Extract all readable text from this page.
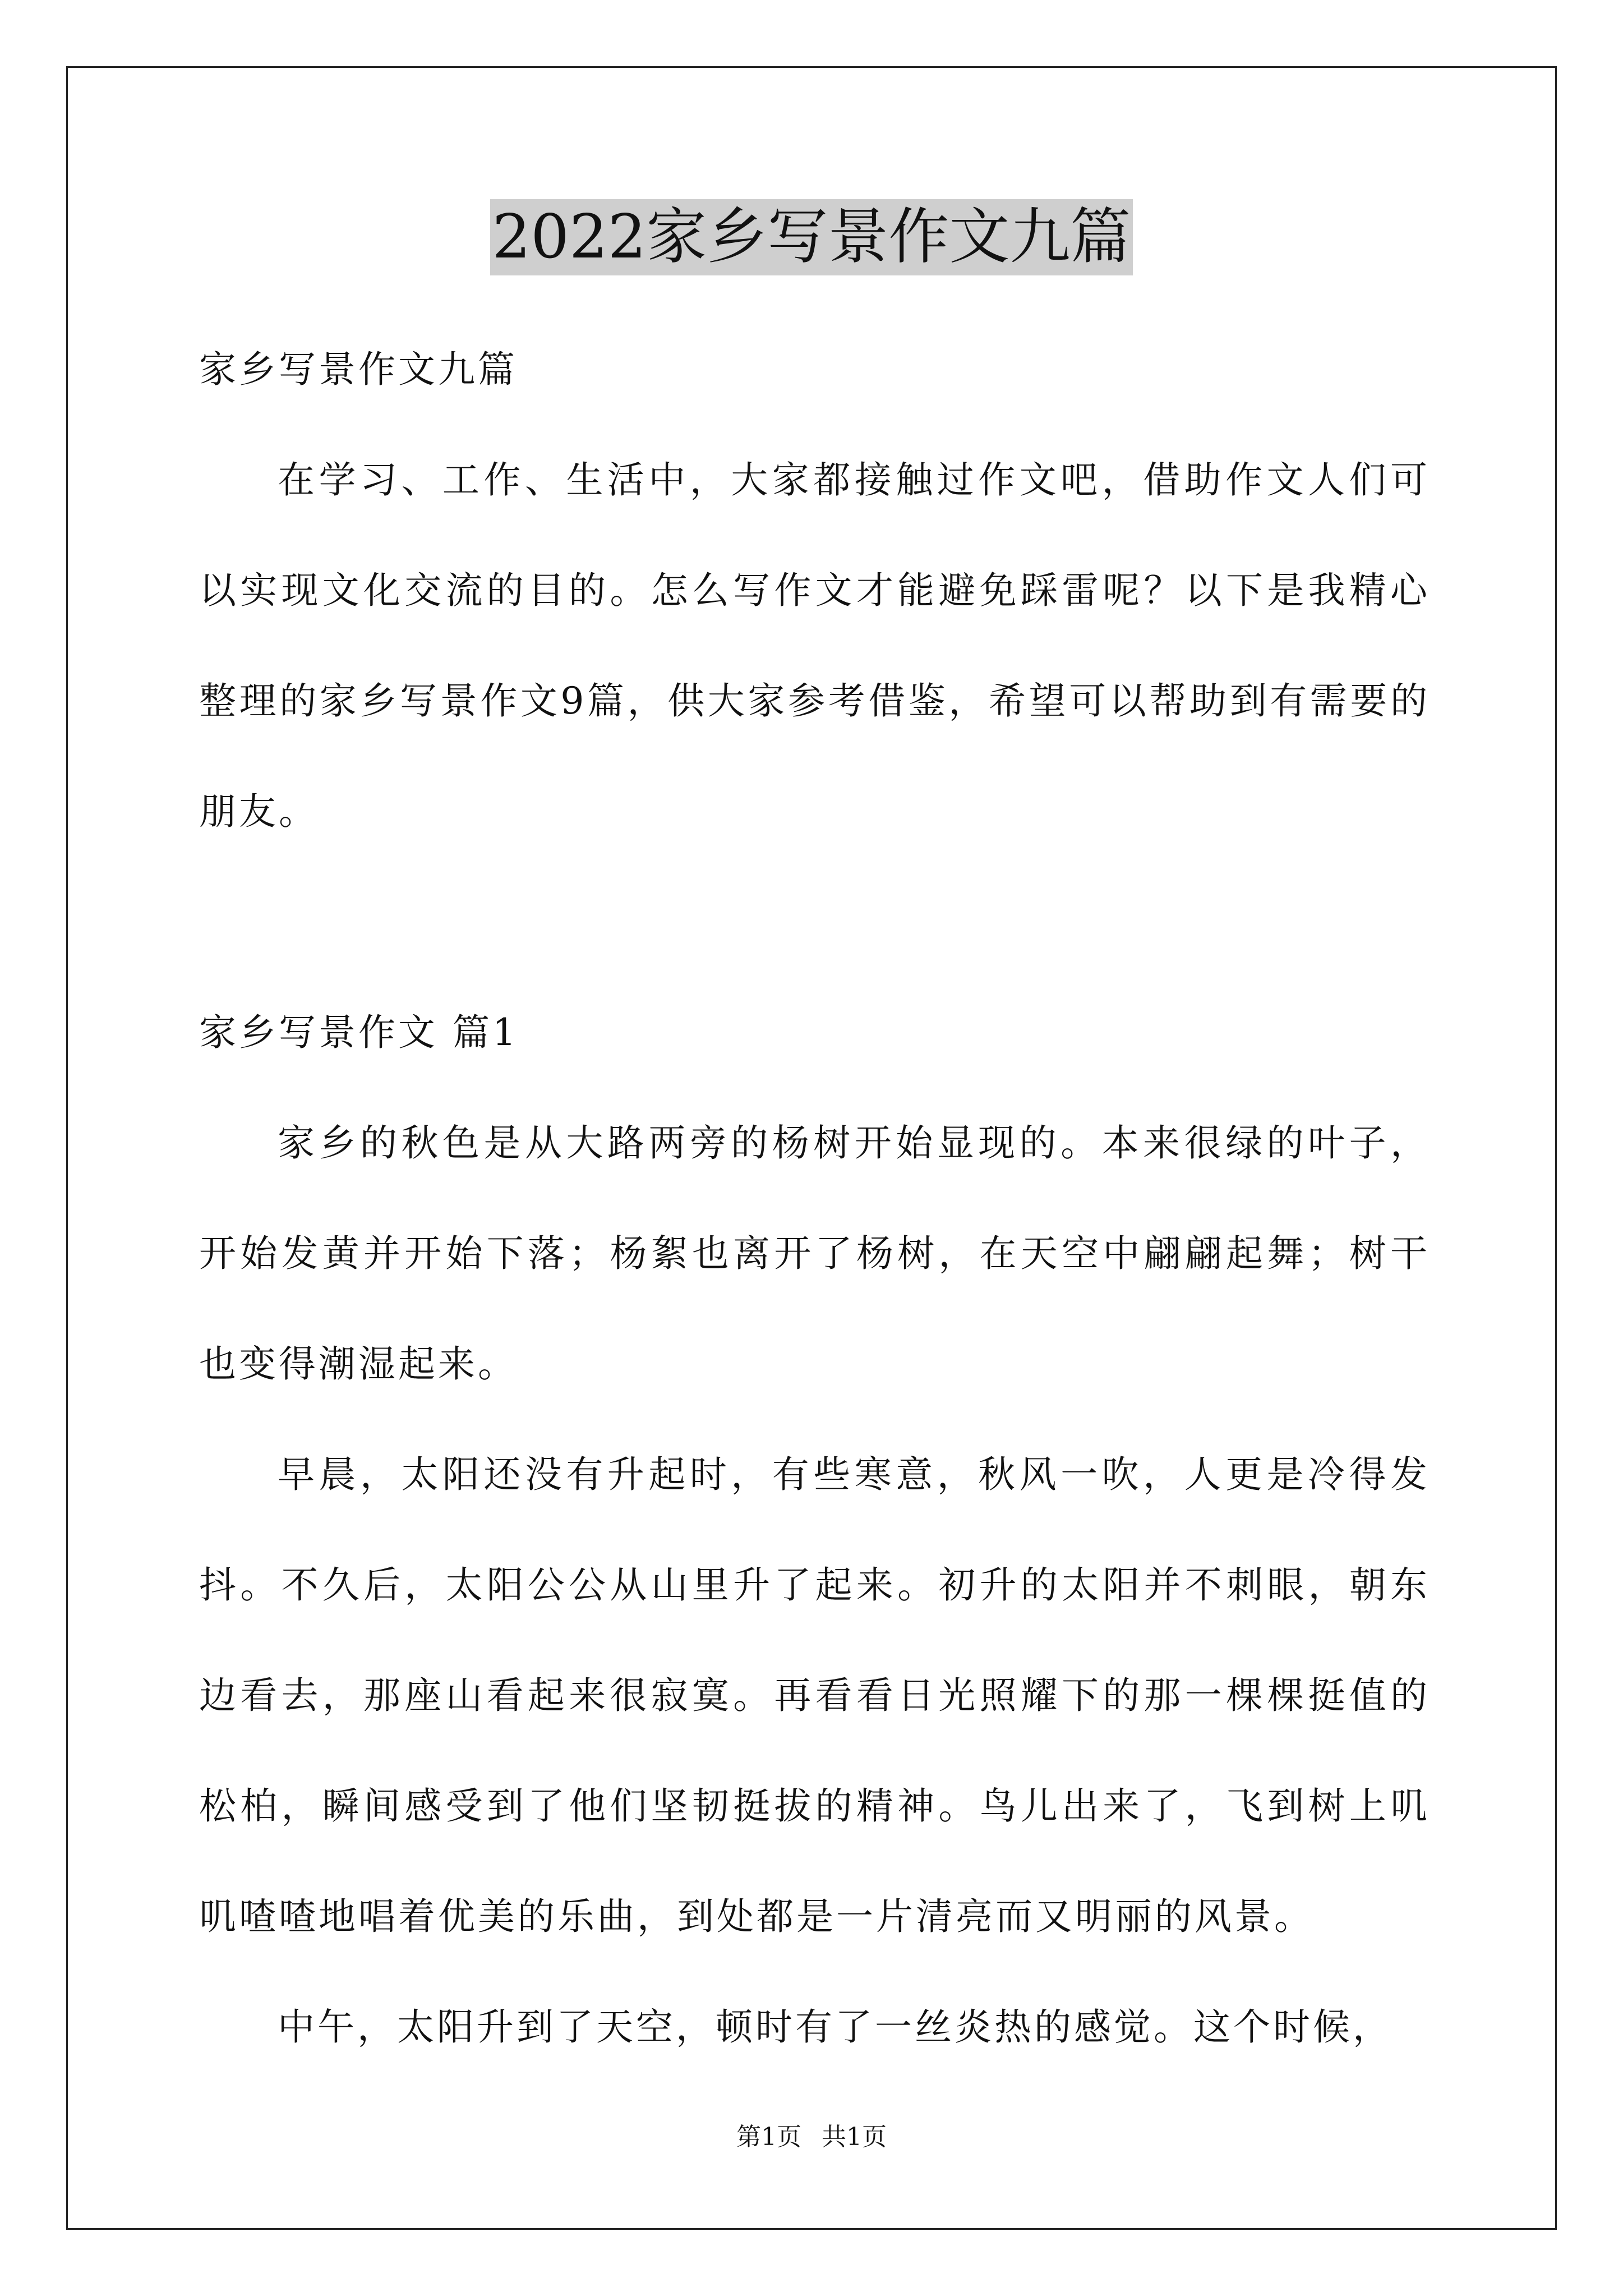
2022家乡写景作文九篇

家乡写景作文九篇

在学习、工作、生活中，大家都接触过作文吧，借助作文人们可以实现文化交流的目的。怎么写作文才能避免踩雷呢？以下是我精心整理的家乡写景作文9篇，供大家参考借鉴，希望可以帮助到有需要的朋友。

家乡写景作文 篇1

家乡的秋色是从大路两旁的杨树开始显现的。本来很绿的叶子，开始发黄并开始下落；杨絮也离开了杨树，在天空中翩翩起舞；树干也变得潮湿起来。

早晨，太阳还没有升起时，有些寒意，秋风一吹，人更是冷得发抖。不久后，太阳公公从山里升了起来。初升的太阳并不刺眼，朝东边看去，那座山看起来很寂寞。再看看日光照耀下的那一棵棵挺值的松柏，瞬间感受到了他们坚韧挺拔的精神。鸟儿出来了，飞到树上叽叽喳喳地唱着优美的乐曲，到处都是一片清亮而又明丽的风景。

中午，太阳升到了天空，顿时有了一丝炎热的感觉。这个时候，

第1页 共1页
